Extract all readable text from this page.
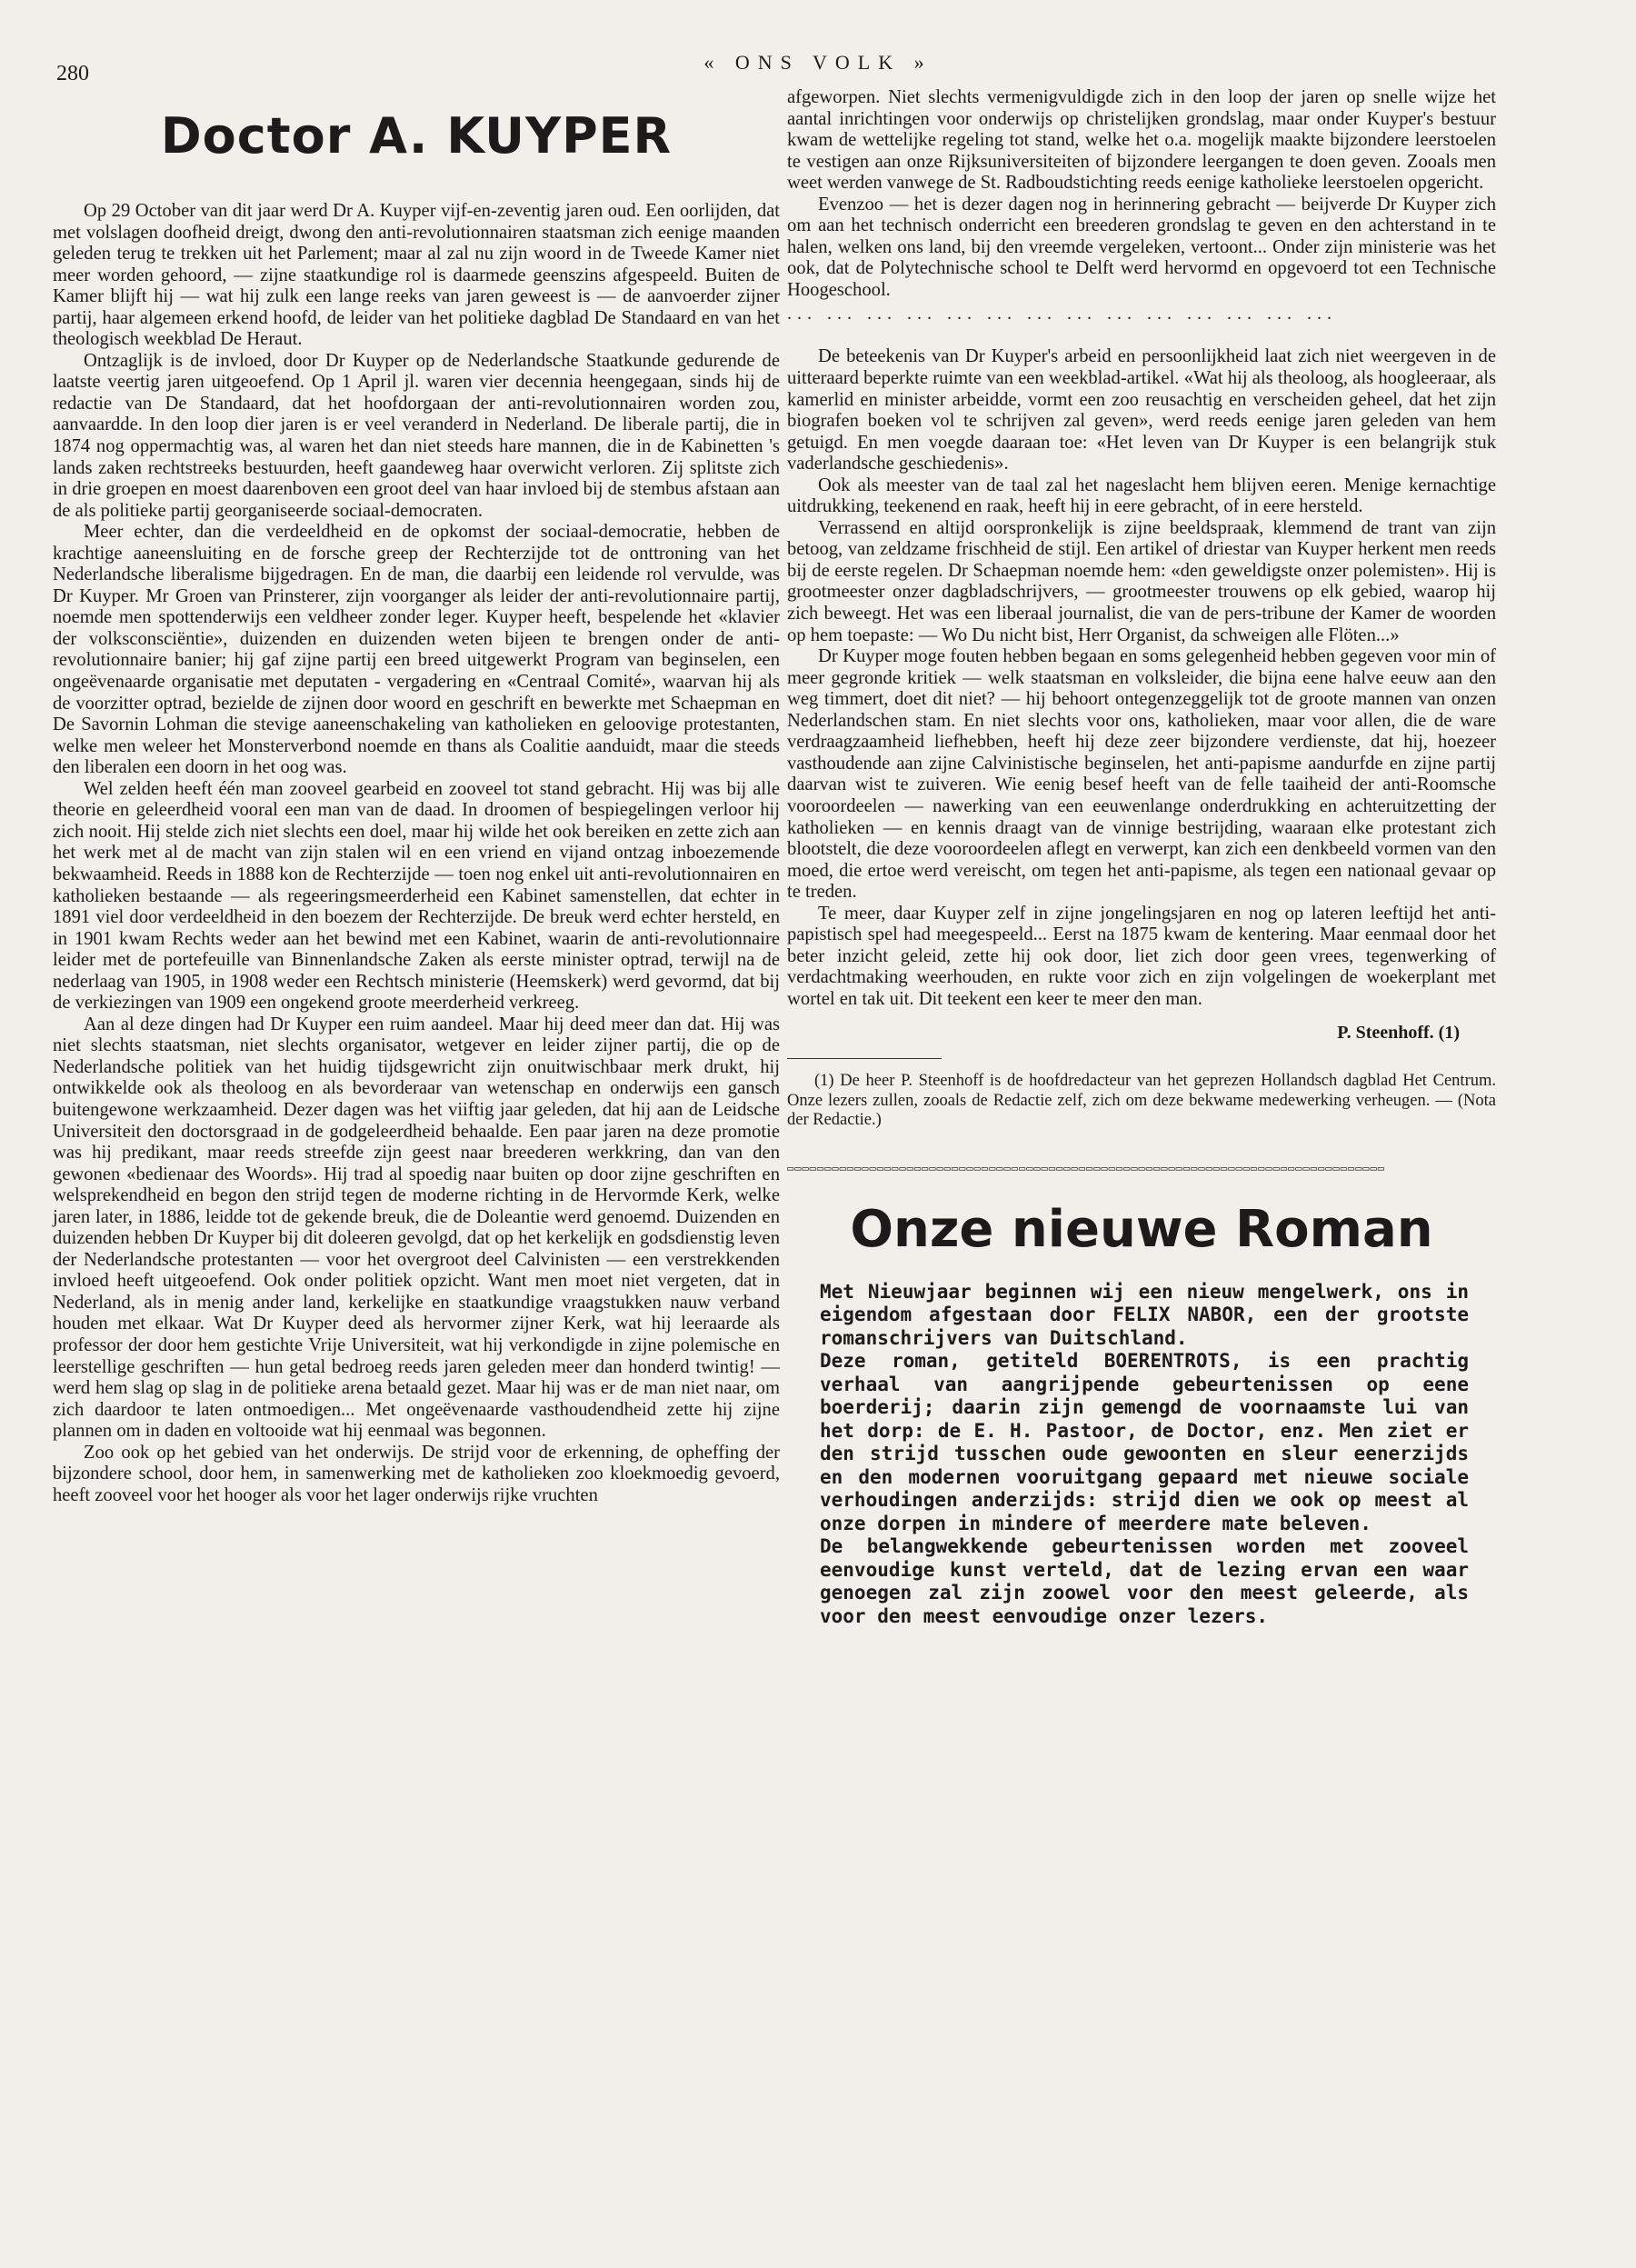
280	« ONS VOLK »
Doctor A. KUYPER

Op 29 October van dit jaar werd Dr A. Kuyper vijf-en-zeventig jaren oud. Een oorlijden, dat met volslagen doofheid dreigt, dwong den anti-revolutionnairen staatsman zich eenige maanden geleden terug te trekken uit het Parlement; maar al zal nu zijn woord in de Tweede Kamer niet meer worden gehoord, — zijne staatkundige rol is daarmede geenszins afgespeeld. Buiten de Kamer blijft hij — wat hij zulk een lange reeks van jaren geweest is — de aanvoerder zijner partij, haar algemeen erkend hoofd, de leider van het politieke dagblad De Standaard en van het theologisch weekblad De Heraut.

Ontzaglijk is de invloed, door Dr Kuyper op de Nederlandsche Staatkunde gedurende de laatste veertig jaren uitgeoefend. Op 1 April jl. waren vier decennia heengegaan, sinds hij de redactie van De Standaard, dat het hoofdorgaan der anti-revolutionnairen worden zou, aanvaardde. In den loop dier jaren is er veel veranderd in Nederland. De liberale partij, die in 1874 nog oppermachtig was, al waren het dan niet steeds hare mannen, die in de Kabinetten 's lands zaken rechtstreeks bestuurden, heeft gaandeweg haar overwicht verloren. Zij splitste zich in drie groepen en moest daarenboven een groot deel van haar invloed bij de stembus afstaan aan de als politieke partij georganiseerde sociaal-democraten.

Meer echter, dan die verdeeldheid en de opkomst der sociaal-democratie, hebben de krachtige aaneensluiting en de forsche greep der Rechterzijde tot de onttroning van het Nederlandsche liberalisme bijgedragen. En de man, die daarbij een leidende rol vervulde, was Dr Kuyper. Mr Groen van Prinsterer, zijn voorganger als leider der anti-revolutionnaire partij, noemde men spottenderwijs een veldheer zonder leger. Kuyper heeft, bespelende het «klavier der volksconsciëntie», duizenden en duizenden weten bijeen te brengen onder de anti-revolutionnaire banier; hij gaf zijne partij een breed uitgewerkt Program van beginselen, een ongeëvenaarde organisatie met deputaten - vergadering en «Centraal Comité», waarvan hij als de voorzitter optrad, bezielde de zijnen door woord en geschrift en bewerkte met Schaepman en De Savornin Lohman die stevige aaneenschakeling van katholieken en geloovige protestanten, welke men weleer het Monsterverbond noemde en thans als Coalitie aanduidt, maar die steeds den liberalen een doorn in het oog was.

Wel zelden heeft één man zooveel gearbeid en zooveel tot stand gebracht. Hij was bij alle theorie en geleerdheid vooral een man van de daad. In droomen of bespiegelingen verloor hij zich nooit. Hij stelde zich niet slechts een doel, maar hij wilde het ook bereiken en zette zich aan het werk met al de macht van zijn stalen wil en een vriend en vijand ontzag inboezemende bekwaamheid. Reeds in 1888 kon de Rechterzijde — toen nog enkel uit anti-revolutionnairen en katholieken bestaande — als regeeringsmeerderheid een Kabinet samenstellen, dat echter in 1891 viel door verdeeldheid in den boezem der Rechterzijde. De breuk werd echter hersteld, en in 1901 kwam Rechts weder aan het bewind met een Kabinet, waarin de anti-revolutionnaire leider met de portefeuille van Binnenlandsche Zaken als eerste minister optrad, terwijl na de nederlaag van 1905, in 1908 weder een Rechtsch ministerie (Heemskerk) werd gevormd, dat bij de verkiezingen van 1909 een ongekend groote meerderheid verkreeg.

Aan al deze dingen had Dr Kuyper een ruim aandeel. Maar hij deed meer dan dat. Hij was niet slechts staatsman, niet slechts organisator, wetgever en leider zijner partij, die op de Nederlandsche politiek van het huidig tijdsgewricht zijn onuitwischbaar merk drukt, hij ontwikkelde ook als theoloog en als bevorderaar van wetenschap en onderwijs een gansch buitengewone werkzaamheid. Dezer dagen was het viiftig jaar geleden, dat hij aan de Leidsche Universiteit den doctorsgraad in de godgeleerdheid behaalde. Een paar jaren na deze promotie was hij predikant, maar reeds streefde zijn geest naar breederen werkkring, dan van den gewonen «bedienaar des Woords». Hij trad al spoedig naar buiten op door zijne geschriften en welsprekendheid en begon den strijd tegen de moderne richting in de Hervormde Kerk, welke jaren later, in 1886, leidde tot de gekende breuk, die de Doleantie werd genoemd. Duizenden en duizenden hebben Dr Kuyper bij dit doleeren gevolgd, dat op het kerkelijk en godsdienstig leven der Nederlandsche protestanten — voor het overgroot deel Calvinisten — een verstrekkenden invloed heeft uitgeoefend. Ook onder politiek opzicht. Want men moet niet vergeten, dat in Nederland, als in menig ander land, kerkelijke en staatkundige vraagstukken nauw verband houden met elkaar. Wat Dr Kuyper deed als hervormer zijner Kerk, wat hij leeraarde als professor der door hem gestichte Vrije Universiteit, wat hij verkondigde in zijne polemische en leerstellige geschriften — hun getal bedroeg reeds jaren geleden meer dan honderd twintig! — werd hem slag op slag in de politieke arena betaald gezet. Maar hij was er de man niet naar, om zich daardoor te laten ontmoedigen... Met ongeëvenaarde vasthoudendheid zette hij zijne plannen om in daden en voltooide wat hij eenmaal was begonnen.

Zoo ook op het gebied van het onderwijs. De strijd voor de erkenning, de opheffing der bijzondere school, door hem, in samenwerking met de katholieken zoo kloekmoedig gevoerd, heeft zooveel voor het hooger als voor het lager onderwijs rijke vruchten

afgeworpen. Niet slechts vermenigvuldigde zich in den loop der jaren op snelle wijze het aantal inrichtingen voor onderwijs op christelijken grondslag, maar onder Kuyper's bestuur kwam de wettelijke regeling tot stand, welke het o.a. mogelijk maakte bijzondere leerstoelen te vestigen aan onze Rijksuniversiteiten of bijzondere leergangen te doen geven. Zooals men weet werden vanwege de St. Radboudstichting reeds eenige katholieke leerstoelen opgericht.

Evenzoo — het is dezer dagen nog in herinnering gebracht — beijverde Dr Kuyper zich om aan het technisch onderricht een breederen grondslag te geven en den achterstand in te halen, welken ons land, bij den vreemde vergeleken, vertoont... Onder zijn ministerie was het ook, dat de Polytechnische school te Delft werd hervormd en opgevoerd tot een Technische Hoogeschool.

... ... ... ... ... ... ... ... ... ... ... ... ... ...

De beteekenis van Dr Kuyper's arbeid en persoonlijkheid laat zich niet weergeven in de uitteraard beperkte ruimte van een weekblad-artikel. «Wat hij als theoloog, als hoogleeraar, als kamerlid en minister arbeidde, vormt een zoo reusachtig en verscheiden geheel, dat het zijn biografen boeken vol te schrijven zal geven», werd reeds eenige jaren geleden van hem getuigd. En men voegde daaraan toe: «Het leven van Dr Kuyper is een belangrijk stuk vaderlandsche geschiedenis».

Ook als meester van de taal zal het nageslacht hem blijven eeren. Menige kernachtige uitdrukking, teekenend en raak, heeft hij in eere gebracht, of in eere hersteld.

Verrassend en altijd oorspronkelijk is zijne beeldspraak, klemmend de trant van zijn betoog, van zeldzame frischheid de stijl. Een artikel of driestar van Kuyper herkent men reeds bij de eerste regelen. Dr Schaepman noemde hem: «den geweldigste onzer polemisten». Hij is grootmeester onzer dagbladschrijvers, — grootmeester trouwens op elk gebied, waarop hij zich beweegt. Het was een liberaal journalist, die van de pers-tribune der Kamer de woorden op hem toepaste: — Wo Du nicht bist, Herr Organist, da schweigen alle Flöten...»

Dr Kuyper moge fouten hebben begaan en soms gelegenheid hebben gegeven voor min of meer gegronde kritiek — welk staatsman en volksleider, die bijna eene halve eeuw aan den weg timmert, doet dit niet? — hij behoort ontegenzeggelijk tot de groote mannen van onzen Nederlandschen stam. En niet slechts voor ons, katholieken, maar voor allen, die de ware verdraagzaamheid liefhebben, heeft hij deze zeer bijzondere verdienste, dat hij, hoezeer vasthoudende aan zijne Calvinistische beginselen, het anti-papisme aandurfde en zijne partij daarvan wist te zuiveren. Wie eenig besef heeft van de felle taaiheid der anti-Roomsche vooroordeelen — nawerking van een eeuwenlange onderdrukking en achteruitzetting der katholieken — en kennis draagt van de vinnige bestrijding, waaraan elke protestant zich blootstelt, die deze vooroordeelen aflegt en verwerpt, kan zich een denkbeeld vormen van den moed, die ertoe werd vereischt, om tegen het anti-papisme, als tegen een nationaal gevaar op te treden.

Te meer, daar Kuyper zelf in zijne jongelingsjaren en nog op lateren leeftijd het anti-papistisch spel had meegespeeld... Eerst na 1875 kwam de kentering. Maar eenmaal door het beter inzicht geleid, zette hij ook door, liet zich door geen vrees, tegenwerking of verdachtmaking weerhouden, en rukte voor zich en zijn volgelingen de woekerplant met wortel en tak uit. Dit teekent een keer te meer den man.

P. Steenhoff. (1)

(1) De heer P. Steenhoff is de hoofdredacteur van het geprezen Hollandsch dagblad Het Centrum. Onze lezers zullen, zooals de Redactie zelf, zich om deze bekwame medewerking verheugen. — (Nota der Redactie.)

▭▭▭▭▭▭▭▭▭▭▭▭▭▭▭▭▭▭▭▭▭▭▭▭▭▭▭▭▭▭▭▭▭▭▭▭▭▭▭▭▭▭▭▭▭▭▭▭▭▭▭▭▭▭▭▭▭▭▭▭▭▭▭▭▭▭▭▭▭▭▭▭▭▭▭▭▭▭▭▭
Onze nieuwe Roman

Met Nieuwjaar beginnen wij een nieuw mengelwerk, ons in eigendom afgestaan door FELIX NABOR, een der grootste romanschrijvers van Duitschland.

Deze roman, getiteld BOERENTROTS, is een prachtig verhaal van aangrijpende gebeurtenissen op eene boerderij; daarin zijn gemengd de voornaamste lui van het dorp: de E. H. Pastoor, de Doctor, enz. Men ziet er den strijd tusschen oude gewoonten en sleur eenerzijds en den modernen vooruitgang gepaard met nieuwe sociale verhoudingen anderzijds: strijd dien we ook op meest al onze dorpen in mindere of meerdere mate beleven.

De belangwekkende gebeurtenissen worden met zooveel eenvoudige kunst verteld, dat de lezing ervan een waar genoegen zal zijn zoowel voor den meest geleerde, als voor den meest eenvoudige onzer lezers.
